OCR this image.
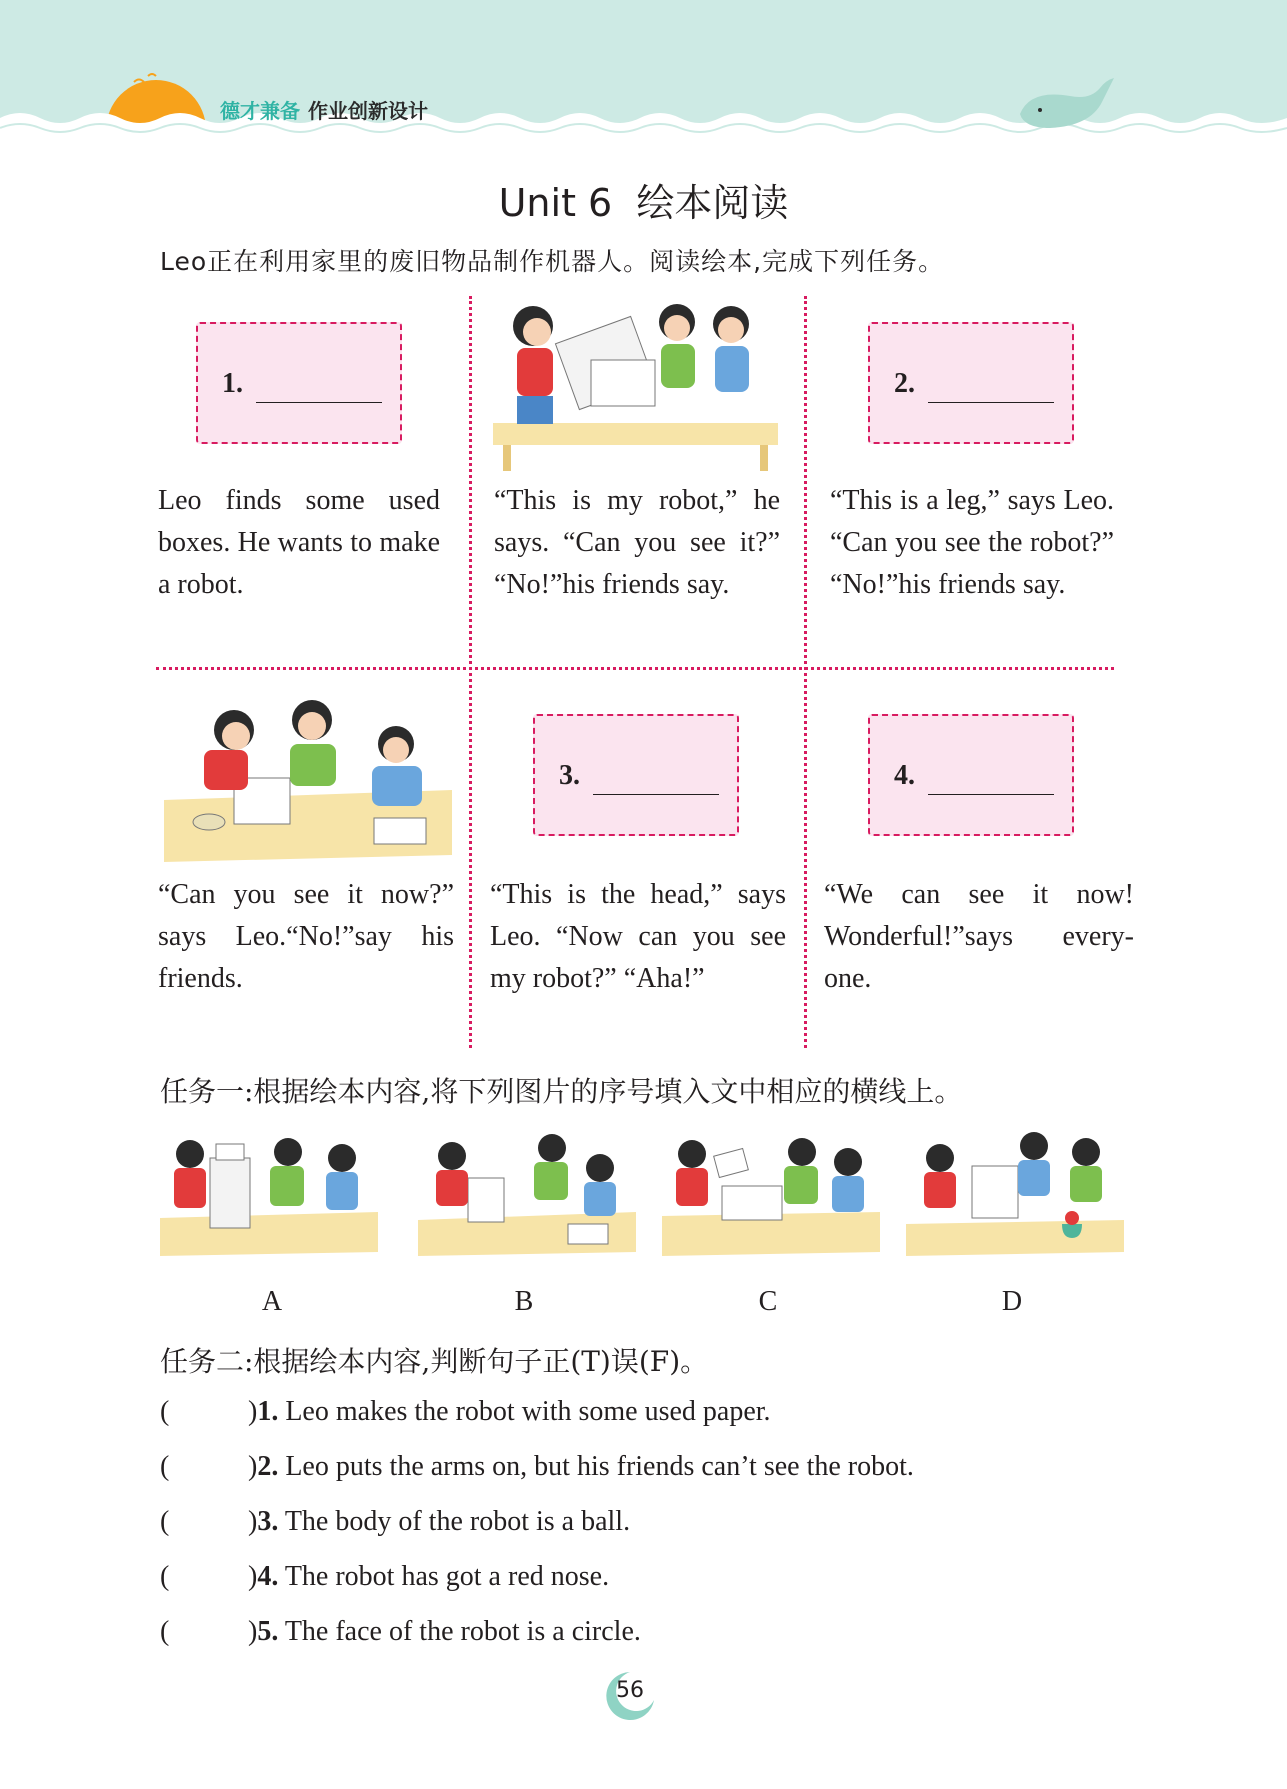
德才兼备 作业创新设计
Unit 6  绘本阅读
Leo正在利用家里的废旧物品制作机器人。阅读绘本,完成下列任务。
1.
Leo finds some used boxes. He wants to make a robot.
“This is my robot,” he says. “Can you see it?” “No!”his friends say.
2.
“This is a leg,” says Leo. “Can you see the robot?” “No!”his friends say.
“Can you see it now?” says Leo.“No!”say his friends.
3.
“This is the head,” says Leo. “Now can you see my robot?” “Aha!”
4.
“We can see it now! Wonderful!”says every-one.
任务一:根据绘本内容,将下列图片的序号填入文中相应的横线上。
A	B	C	D
任务二:根据绘本内容,判断句子正(T)误(F)。
(	)1. Leo makes the robot with some used paper.
(	)2. Leo puts the arms on, but his friends can’t see the robot.
(	)3. The body of the robot is a ball.
(	)4. The robot has got a red nose.
(	)5. The face of the robot is a circle.
56
